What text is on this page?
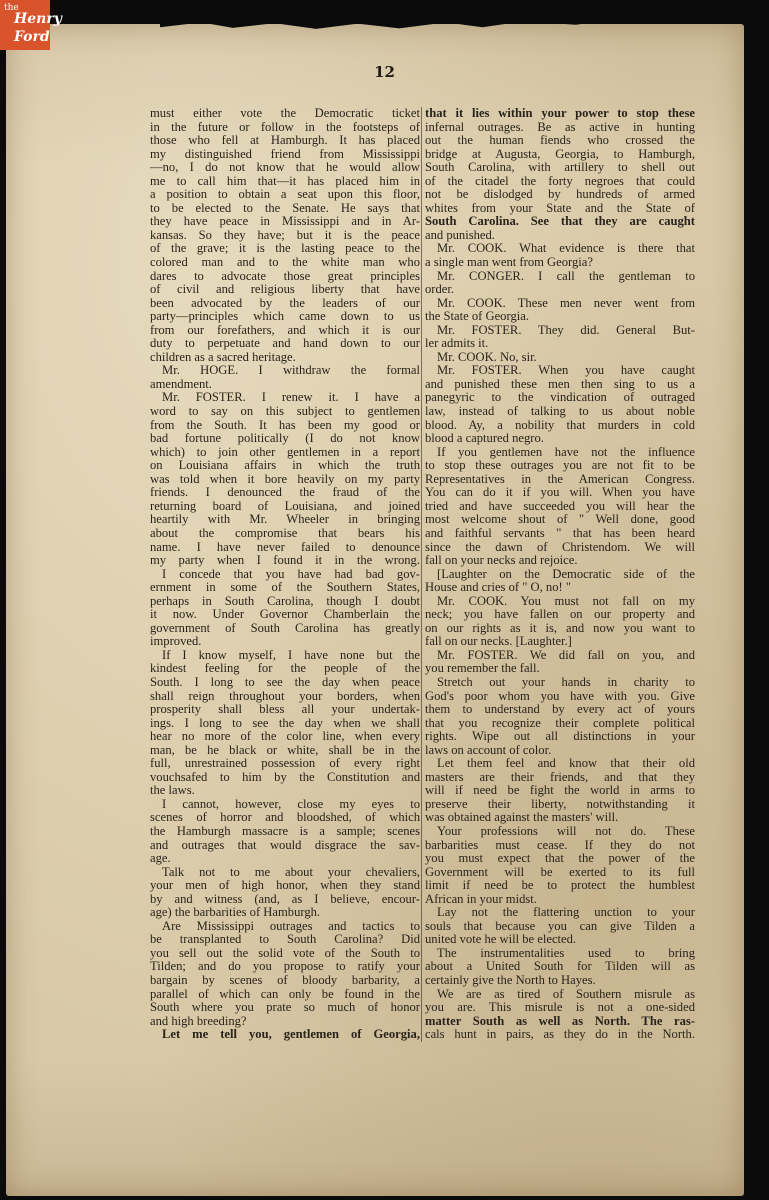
the
Henry
Ford
12
must either vote the Democratic ticket
in the future or follow in the footsteps of
those who fell at Hamburgh. It has placed
my distinguished friend from Mississippi
—no, I do not know that he would allow
me to call him that—it has placed him in
a position to obtain a seat upon this floor,
to be elected to the Senate. He says that
they have peace in Mississippi and in Ar-
kansas. So they have; but it is the peace
of the grave; it is the lasting peace to the
colored man and to the white man who
dares to advocate those great principles
of civil and religious liberty that have
been advocated by the leaders of our
party—principles which came down to us
from our forefathers, and which it is our
duty to perpetuate and hand down to our
children as a sacred heritage.
Mr. HOGE. I withdraw the formal
amendment.
Mr. FOSTER. I renew it. I have a
word to say on this subject to gentlemen
from the South. It has been my good or
bad fortune politically (I do not know
which) to join other gentlemen in a report
on Louisiana affairs in which the truth
was told when it bore heavily on my party
friends. I denounced the fraud of the
returning board of Louisiana, and joined
heartily with Mr. Wheeler in bringing
about the compromise that bears his
name. I have never failed to denounce
my party when I found it in the wrong.
I concede that you have had bad gov-
ernment in some of the Southern States,
perhaps in South Carolina, though I doubt
it now. Under Governor Chamberlain the
government of South Carolina has greatly
improved.
If I know myself, I have none but the
kindest feeling for the people of the
South. I long to see the day when peace
shall reign throughout your borders, when
prosperity shall bless all your undertak-
ings. I long to see the day when we shall
hear no more of the color line, when every
man, be he black or white, shall be in the
full, unrestrained possession of every right
vouchsafed to him by the Constitution and
the laws.
I cannot, however, close my eyes to
scenes of horror and bloodshed, of which
the Hamburgh massacre is a sample; scenes
and outrages that would disgrace the sav-
age.
Talk not to me about your chevaliers,
your men of high honor, when they stand
by and witness (and, as I believe, encour-
age) the barbarities of Hamburgh.
Are Mississippi outrages and tactics to
be transplanted to South Carolina? Did
you sell out the solid vote of the South to
Tilden; and do you propose to ratify your
bargain by scenes of bloody barbarity, a
parallel of which can only be found in the
South where you prate so much of honor
and high breeding?
Let me tell you, gentlemen of Georgia,
that it lies within your power to stop these
infernal outrages. Be as active in hunting
out the human fiends who crossed the
bridge at Augusta, Georgia, to Hamburgh,
South Carolina, with artillery to shell out
of the citadel the forty negroes that could
not be dislodged by hundreds of armed
whites from your State and the State of
South Carolina. See that they are caught
and punished.
Mr. COOK. What evidence is there that
a single man went from Georgia?
Mr. CONGER. I call the gentleman to
order.
Mr. COOK. These men never went from
the State of Georgia.
Mr. FOSTER. They did. General But-
ler admits it.
Mr. COOK. No, sir.
Mr. FOSTER. When you have caught
and punished these men then sing to us a
panegyric to the vindication of outraged
law, instead of talking to us about noble
blood. Ay, a nobility that murders in cold
blood a captured negro.
If you gentlemen have not the influence
to stop these outrages you are not fit to be
Representatives in the American Congress.
You can do it if you will. When you have
tried and have succeeded you will hear the
most welcome shout of " Well done, good
and faithful servants " that has been heard
since the dawn of Christendom. We will
fall on your necks and rejoice.
[Laughter on the Democratic side of the
House and cries of " O, no! "
Mr. COOK. You must not fall on my
neck; you have fallen on our property and
on our rights as it is, and now you want to
fall on our necks. [Laughter.]
Mr. FOSTER. We did fall on you, and
you remember the fall.
Stretch out your hands in charity to
God's poor whom you have with you. Give
them to understand by every act of yours
that you recognize their complete political
rights. Wipe out all distinctions in your
laws on account of color.
Let them feel and know that their old
masters are their friends, and that they
will if need be fight the world in arms to
preserve their liberty, notwithstanding it
was obtained against the masters' will.
Your professions will not do. These
barbarities must cease. If they do not
you must expect that the power of the
Government will be exerted to its full
limit if need be to protect the humblest
African in your midst.
Lay not the flattering unction to your
souls that because you can give Tilden a
united vote he will be elected.
The instrumentalities used to bring
about a United South for Tilden will as
certainly give the North to Hayes.
We are as tired of Southern misrule as
you are. This misrule is not a one-sided
matter South as well as North. The ras-
cals hunt in pairs, as they do in the North.
